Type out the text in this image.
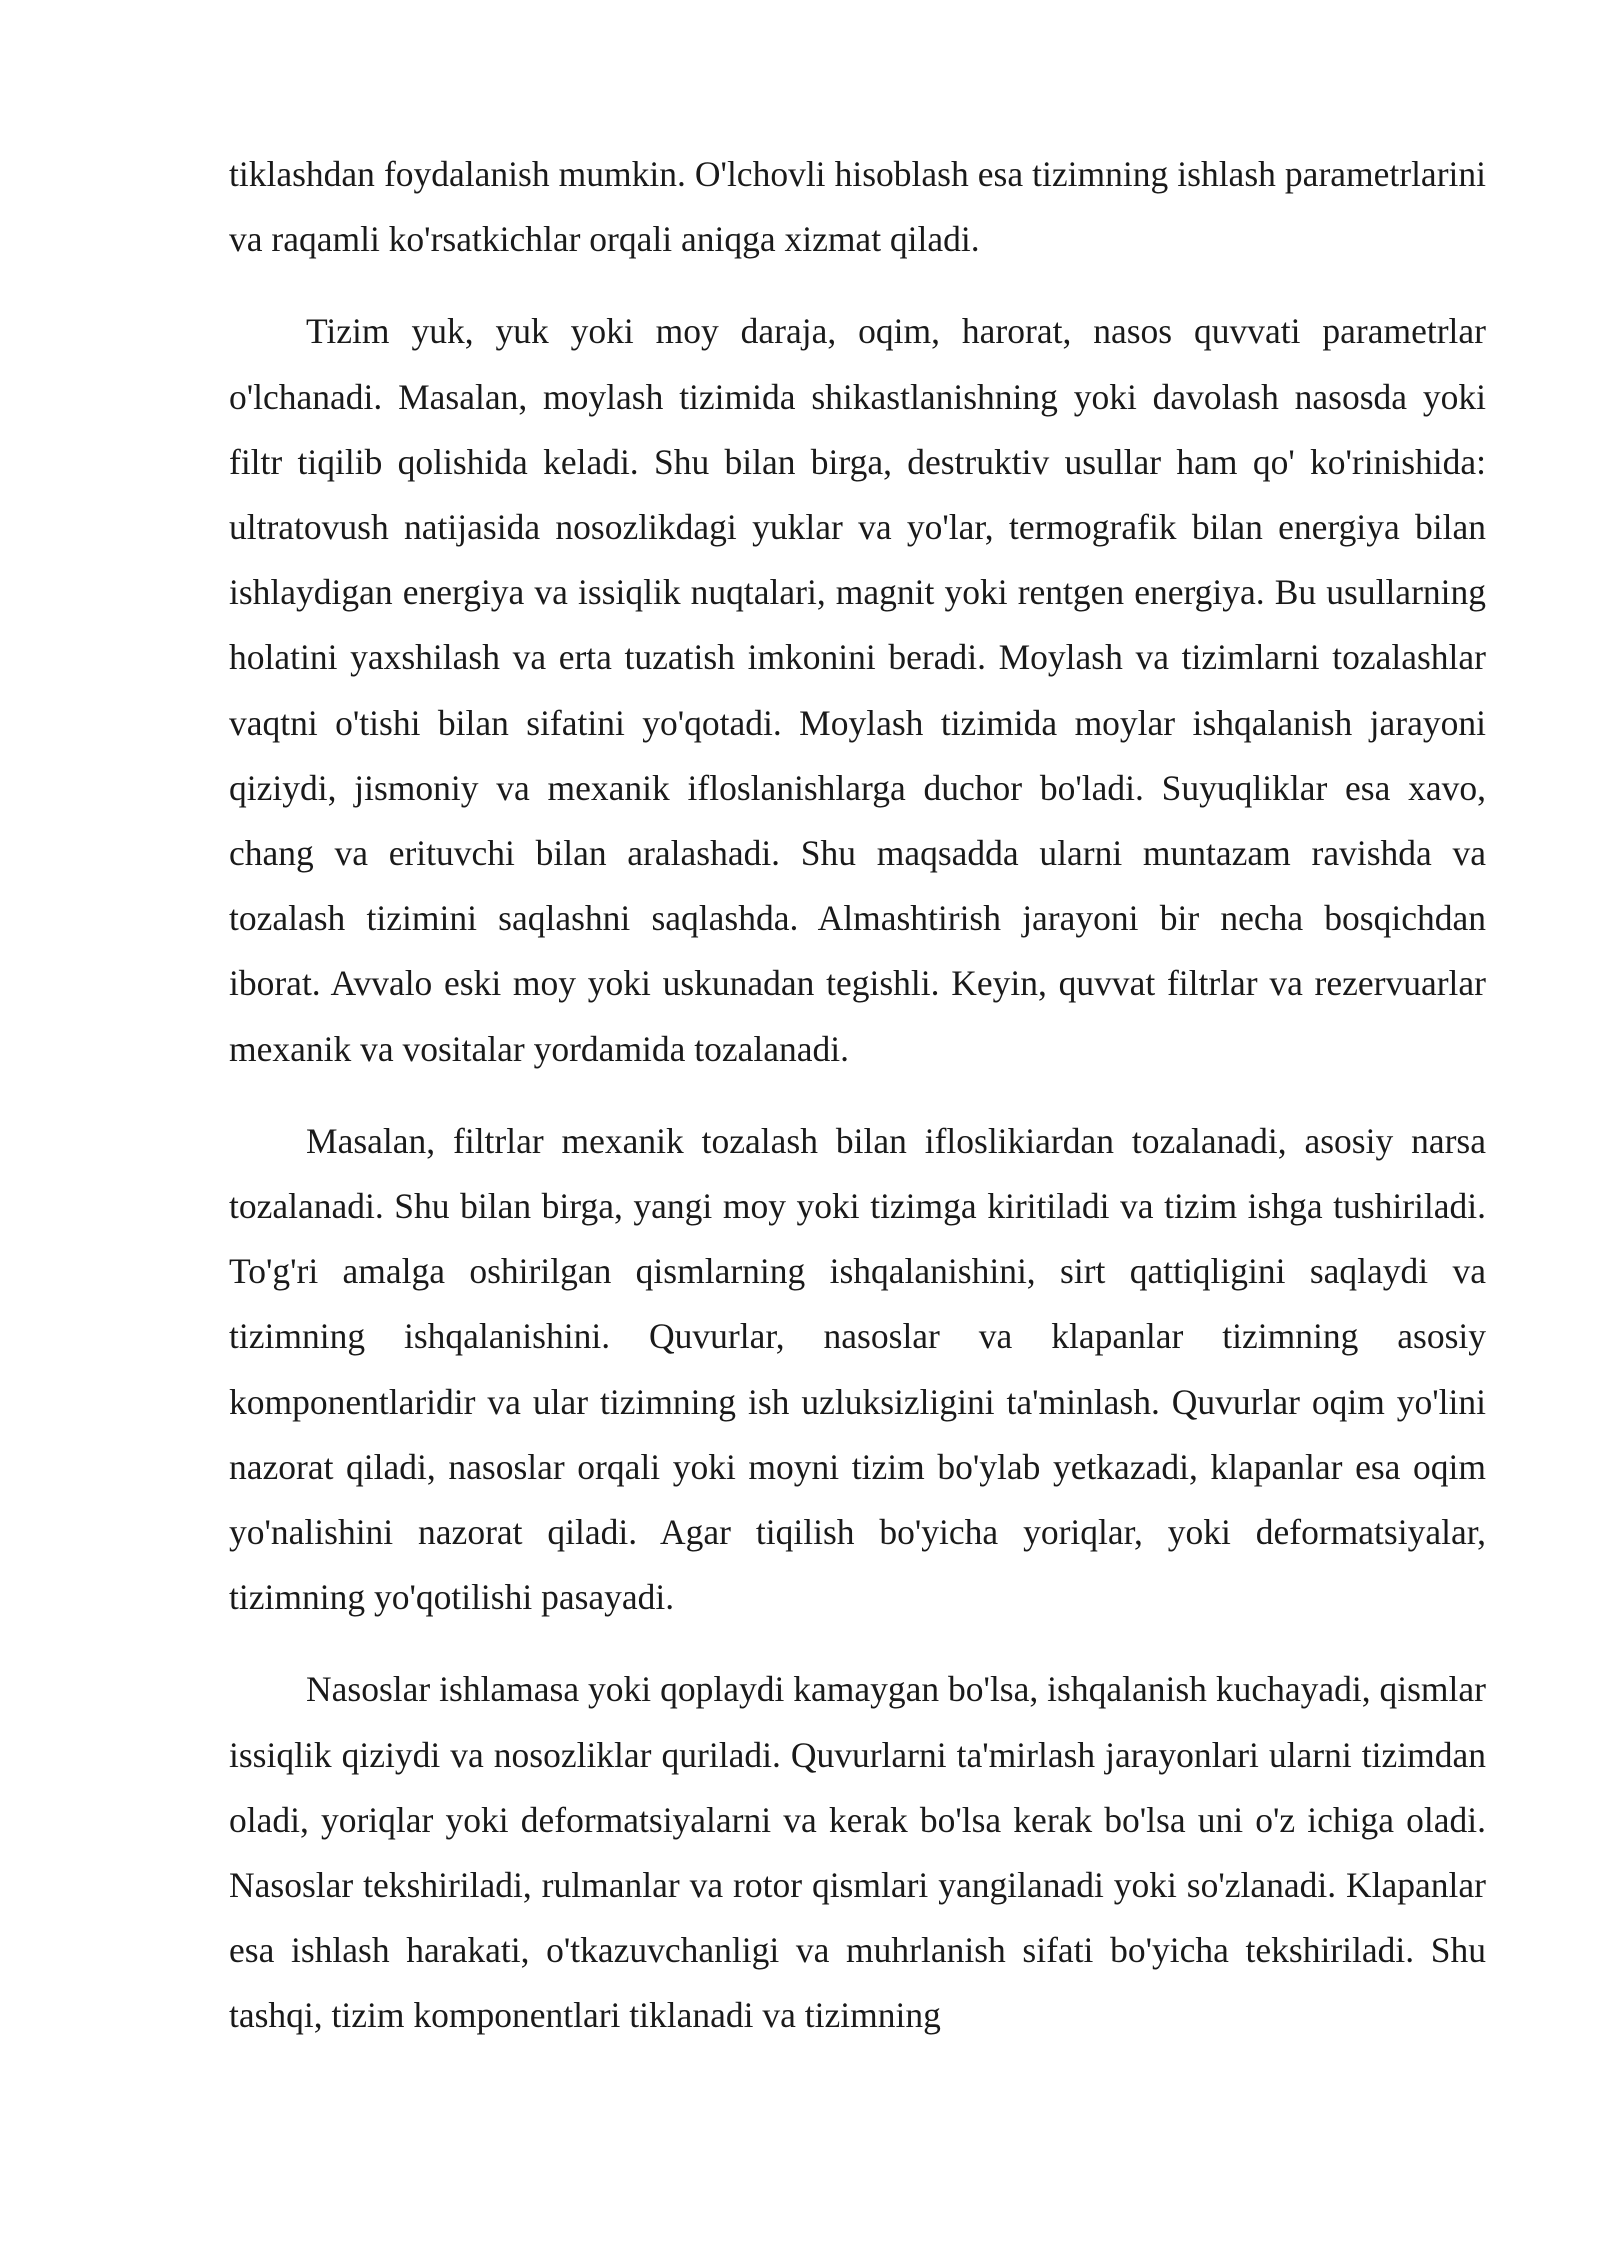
tiklashdan foydalanish mumkin. O'lchovli hisoblash esa tizimning ishlash parametrlarini va raqamli ko'rsatkichlar orqali aniqga xizmat qiladi.

Tizim yuk, yuk yoki moy daraja, oqim, harorat, nasos quvvati parametrlar o'lchanadi. Masalan, moylash tizimida shikastlanishning yoki davolash nasosda yoki filtr tiqilib qolishida keladi. Shu bilan birga, destruktiv usullar ham qo' ko'rinishida: ultratovush natijasida nosozlikdagi yuklar va yo'lar, termografik bilan energiya bilan ishlaydigan energiya va issiqlik nuqtalari, magnit yoki rentgen energiya. Bu usullarning holatini yaxshilash va erta tuzatish imkonini beradi. Moylash va tizimlarni tozalashlar vaqtni o'tishi bilan sifatini yo'qotadi. Moylash tizimida moylar ishqalanish jarayoni qiziydi, jismoniy va mexanik ifloslanishlarga duchor bo'ladi. Suyuqliklar esa xavo, chang va erituvchi bilan aralashadi. Shu maqsadda ularni muntazam ravishda va tozalash tizimini saqlashni saqlashda. Almashtirish jarayoni bir necha bosqichdan iborat. Avvalo eski moy yoki uskunadan tegishli. Keyin, quvvat filtrlar va rezervuarlar mexanik va vositalar yordamida tozalanadi.

Masalan, filtrlar mexanik tozalash bilan ifloslikiardan tozalanadi, asosiy narsa tozalanadi. Shu bilan birga, yangi moy yoki tizimga kiritiladi va tizim ishga tushiriladi. To'g'ri amalga oshirilgan qismlarning ishqalanishini, sirt qattiqligini saqlaydi va tizimning ishqalanishini. Quvurlar, nasoslar va klapanlar tizimning asosiy komponentlaridir va ular tizimning ish uzluksizligini ta'minlash. Quvurlar oqim yo'lini nazorat qiladi, nasoslar orqali yoki moyni tizim bo'ylab yetkazadi, klapanlar esa oqim yo'nalishini nazorat qiladi. Agar tiqilish bo'yicha yoriqlar, yoki deformatsiyalar, tizimning yo'qotilishi pasayadi.

Nasoslar ishlamasa yoki qoplaydi kamaygan bo'lsa, ishqalanish kuchayadi, qismlar issiqlik qiziydi va nosozliklar quriladi. Quvurlarni ta'mirlash jarayonlari ularni tizimdan oladi, yoriqlar yoki deformatsiyalarni va kerak bo'lsa kerak bo'lsa uni o'z ichiga oladi. Nasoslar tekshiriladi, rulmanlar va rotor qismlari yangilanadi yoki so'zlanadi. Klapanlar esa ishlash harakati, o'tkazuvchanligi va muhrlanish sifati bo'yicha tekshiriladi. Shu tashqi, tizim komponentlari tiklanadi va tizimning
